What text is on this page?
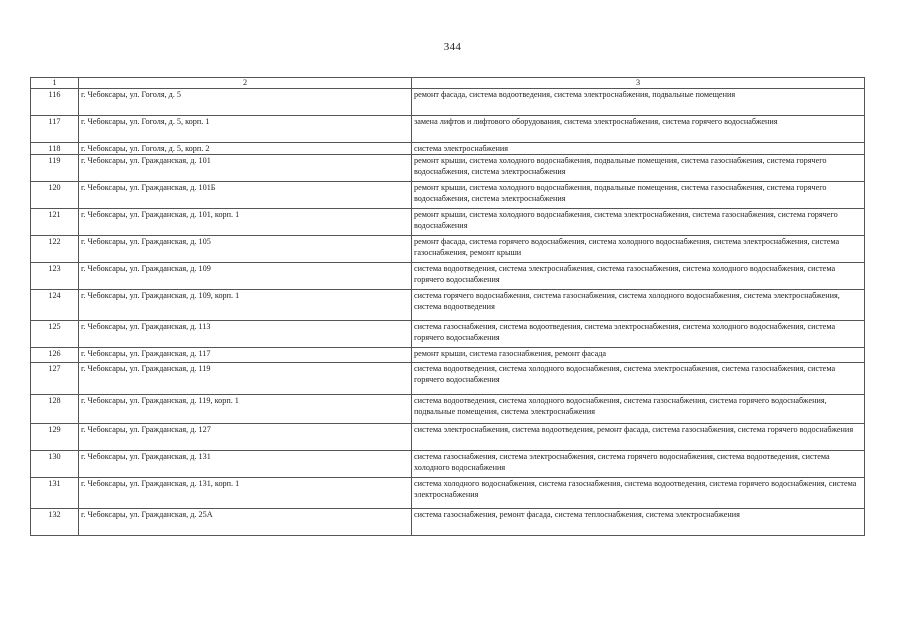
344
1	2	3
116	г. Чебоксары, ул. Гоголя, д. 5	ремонт фасада, система водоотведения, система электроснабжения, подвальные помещения
117	г. Чебоксары, ул. Гоголя, д. 5, корп. 1	замена лифтов и лифтового оборудования, система электроснабжения, система горячего водоснабжения
118	г. Чебоксары, ул. Гоголя, д. 5, корп. 2	система электроснабжения
119	г. Чебоксары, ул. Гражданская, д. 101	ремонт крыши, система холодного водоснабжения, подвальные помещения, система газоснабжения, система горячего водоснабжения, система электроснабжения
120	г. Чебоксары, ул. Гражданская, д. 101Б	ремонт крыши, система холодного водоснабжения, подвальные помещения, система газоснабжения, система горячего водоснабжения, система электроснабжения
121	г. Чебоксары, ул. Гражданская, д. 101, корп. 1	ремонт крыши, система холодного водоснабжения, система электроснабжения, система газоснабжения, система горячего водоснабжения
122	г. Чебоксары, ул. Гражданская, д. 105	ремонт фасада, система горячего водоснабжения, система холодного водоснабжения, система электроснабжения, система газоснабжения, ремонт крыши
123	г. Чебоксары, ул. Гражданская, д. 109	система водоотведения, система электроснабжения, система газоснабжения, система холодного водоснабжения, система горячего водоснабжения
124	г. Чебоксары, ул. Гражданская, д. 109, корп. 1	система горячего водоснабжения, система газоснабжения, система холодного водоснабжения, система электроснабжения, система водоотведения
125	г. Чебоксары, ул. Гражданская, д. 113	система газоснабжения, система водоотведения, система электроснабжения, система холодного водоснабжения, система горячего водоснабжения
126	г. Чебоксары, ул. Гражданская, д. 117	ремонт крыши, система газоснабжения, ремонт фасада
127	г. Чебоксары, ул. Гражданская, д. 119	система водоотведения, система холодного водоснабжения, система электроснабжения, система газоснабжения, система горячего водоснабжения
128	г. Чебоксары, ул. Гражданская, д. 119, корп. 1	система водоотведения, система холодного водоснабжения, система газоснабжения, система горячего водоснабжения, подвальные помещения, система электроснабжения
129	г. Чебоксары, ул. Гражданская, д. 127	система электроснабжения, система водоотведения, ремонт фасада, система газоснабжения, система горячего водоснабжения
130	г. Чебоксары, ул. Гражданская, д. 131	система газоснабжения, система электроснабжения, система горячего водоснабжения, система водоотведения, система холодного водоснабжения
131	г. Чебоксары, ул. Гражданская, д. 131, корп. 1	система холодного водоснабжения, система газоснабжения, система водоотведения, система горячего водоснабжения, система электроснабжения
132	г. Чебоксары, ул. Гражданская, д. 25А	система газоснабжения, ремонт фасада, система теплоснабжения, система электроснабжения
